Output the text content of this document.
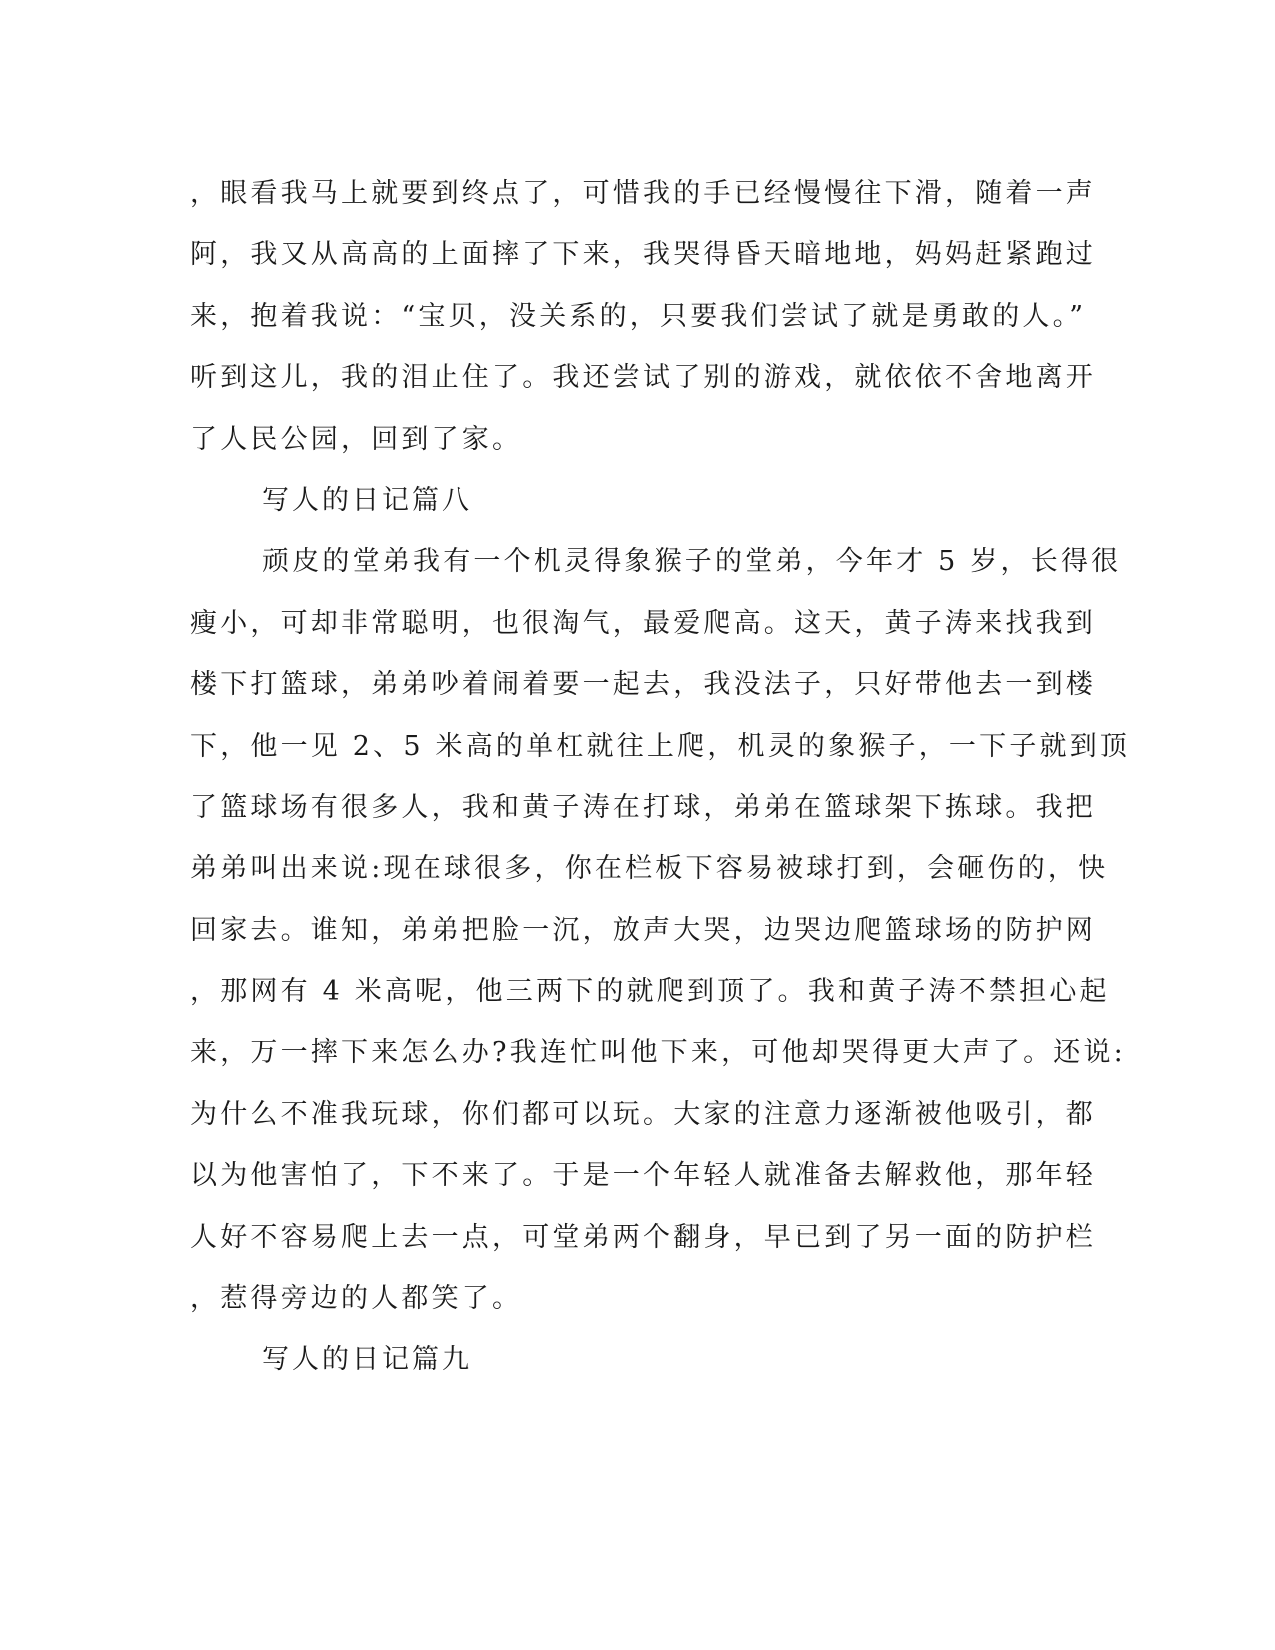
，眼看我马上就要到终点了，可惜我的手已经慢慢往下滑，随着一声
阿，我又从高高的上面摔了下来，我哭得昏天暗地地，妈妈赶紧跑过
来，抱着我说：“宝贝，没关系的，只要我们尝试了就是勇敢的人。”
听到这儿，我的泪止住了。我还尝试了别的游戏，就依依不舍地离开
了人民公园，回到了家。
写人的日记篇八
顽皮的堂弟我有一个机灵得象猴子的堂弟，今年才 5 岁，长得很
瘦小，可却非常聪明，也很淘气，最爱爬高。这天，黄子涛来找我到
楼下打篮球，弟弟吵着闹着要一起去，我没法子，只好带他去一到楼
下，他一见 2、5 米高的单杠就往上爬，机灵的象猴子，一下子就到顶
了篮球场有很多人，我和黄子涛在打球，弟弟在篮球架下拣球。我把
弟弟叫出来说:现在球很多，你在栏板下容易被球打到，会砸伤的，快
回家去。谁知，弟弟把脸一沉，放声大哭，边哭边爬篮球场的防护网
，那网有 4 米高呢，他三两下的就爬到顶了。我和黄子涛不禁担心起
来，万一摔下来怎么办?我连忙叫他下来，可他却哭得更大声了。还说:
为什么不准我玩球，你们都可以玩。大家的注意力逐渐被他吸引，都
以为他害怕了，下不来了。于是一个年轻人就准备去解救他，那年轻
人好不容易爬上去一点，可堂弟两个翻身，早已到了另一面的防护栏
，惹得旁边的人都笑了。
写人的日记篇九
